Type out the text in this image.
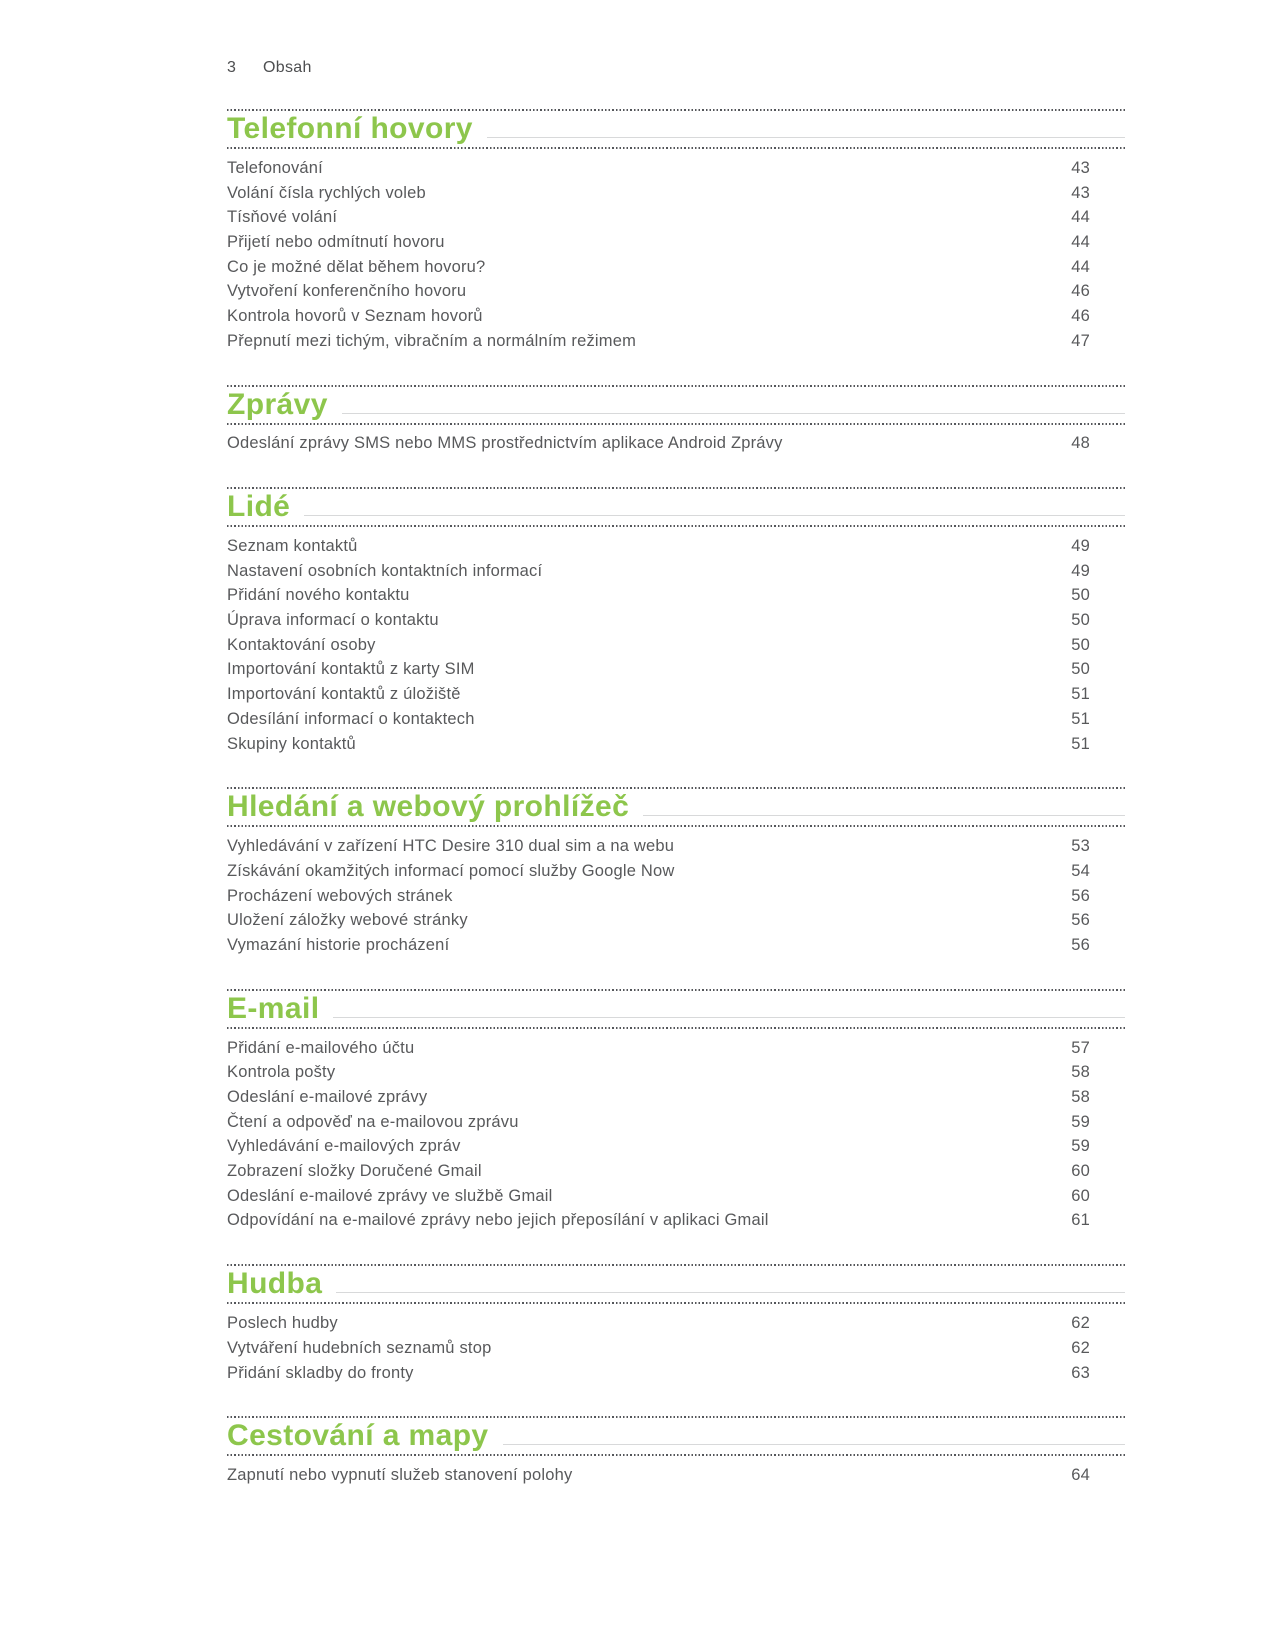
3	Obsah
Telefonní hovory
Telefonování	43
Volání čísla rychlých voleb	43
Tísňové volání	44
Přijetí nebo odmítnutí hovoru	44
Co je možné dělat během hovoru?	44
Vytvoření konferenčního hovoru	46
Kontrola hovorů v Seznam hovorů	46
Přepnutí mezi tichým, vibračním a normálním režimem	47
Zprávy
Odeslání zprávy SMS nebo MMS prostřednictvím aplikace Android Zprávy	48
Lidé
Seznam kontaktů	49
Nastavení osobních kontaktních informací	49
Přidání nového kontaktu	50
Úprava informací o kontaktu	50
Kontaktování osoby	50
Importování kontaktů z karty SIM	50
Importování kontaktů z úložiště	51
Odesílání informací o kontaktech	51
Skupiny kontaktů	51
Hledání a webový prohlížeč
Vyhledávání v zařízení HTC Desire 310 dual sim a na webu	53
Získávání okamžitých informací pomocí služby Google Now	54
Procházení webových stránek	56
Uložení záložky webové stránky	56
Vymazání historie procházení	56
E-mail
Přidání e-mailového účtu	57
Kontrola pošty	58
Odeslání e-mailové zprávy	58
Čtení a odpověď na e-mailovou zprávu	59
Vyhledávání e-mailových zpráv	59
Zobrazení složky Doručené Gmail	60
Odeslání e-mailové zprávy ve službě Gmail	60
Odpovídání na e-mailové zprávy nebo jejich přeposílání v aplikaci Gmail	61
Hudba
Poslech hudby	62
Vytváření hudebních seznamů stop	62
Přidání skladby do fronty	63
Cestování a mapy
Zapnutí nebo vypnutí služeb stanovení polohy	64
